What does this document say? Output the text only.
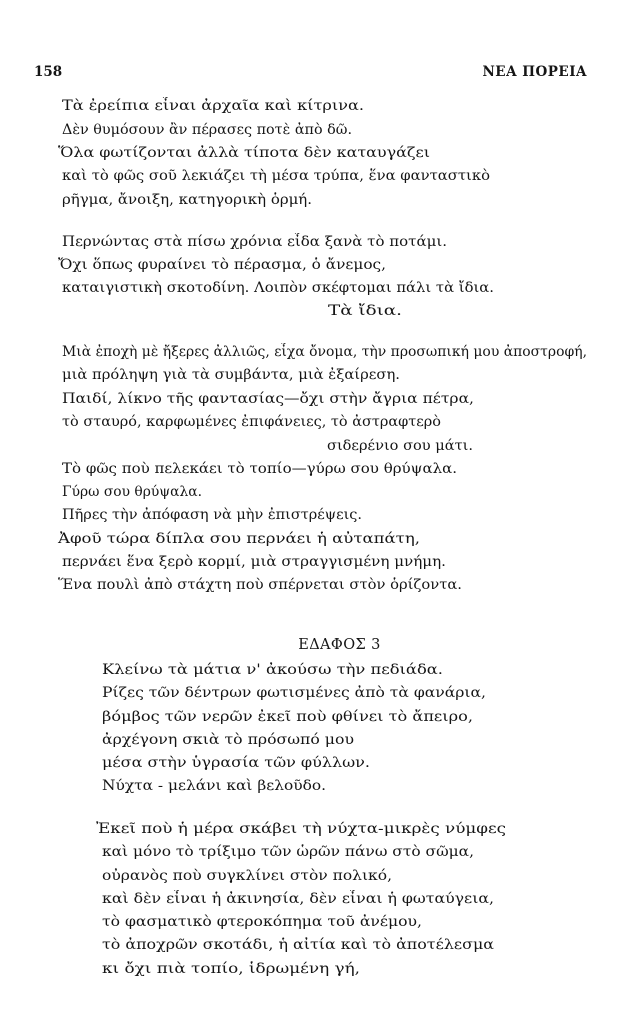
158	ΝΕΑ ΠΟΡΕΙΑ
Τὰ ἐρείπια εἶναι ἀρχαῖα καὶ κίτρινα.
Δὲν θυμόσουν ἂν πέρασες ποτὲ ἀπὸ δῶ.
Ὅλα φωτίζονται ἀλλὰ τίποτα δὲν καταυγάζει
καὶ τὸ φῶς σοῦ λεκιάζει τὴ μέσα τρύπα, ἕνα φανταστικὸ
ρῆγμα, ἄνοιξη, κατηγορικὴ ὁρμή.
Περνώντας στὰ πίσω χρόνια εἶδα ξανὰ τὸ ποτάμι.
Ὄχι ὅπως φυραίνει τὸ πέρασμα, ὁ ἄνεμος,
καταιγιστικὴ σκοτοδίνη. Λοιπὸν σκέφτομαι πάλι τὰ ἴδια.
Τὰ ἴδια.
Μιὰ ἐποχὴ μὲ ἤξερες ἀλλιῶς, εἶχα ὄνομα, τὴν προσωπική μου ἀποστροφή,
μιὰ πρόληψη γιὰ τὰ συμβάντα, μιὰ ἐξαίρεση.
Παιδί, λίκνο τῆς φαντασίας—ὄχι στὴν ἄγρια πέτρα,
τὸ σταυρό, καρφωμένες ἐπιφάνειες, τὸ ἀστραφτερὸ
σιδερένιο σου μάτι.
Τὸ φῶς ποὺ πελεκάει τὸ τοπίο—γύρω σου θρύψαλα.
Γύρω σου θρύψαλα.
Πῆρες τὴν ἀπόφαση νὰ μὴν ἐπιστρέψεις.
Ἀφοῦ τώρα δίπλα σου περνάει ἡ αὐταπάτη,
περνάει ἕνα ξερὸ κορμί, μιὰ στραγγισμένη μνήμη.
Ἕνα πουλὶ ἀπὸ στάχτη ποὺ σπέρνεται στὸν ὁρίζοντα.
ΕΔΑΦΟΣ 3
Κλείνω τὰ μάτια ν' ἀκούσω τὴν πεδιάδα.
Ρίζες τῶν δέντρων φωτισμένες ἀπὸ τὰ φανάρια,
βόμβος τῶν νερῶν ἐκεῖ ποὺ φθίνει τὸ ἄπειρο,
ἀρχέγονη σκιὰ τὸ πρόσωπό μου
μέσα στὴν ὑγρασία τῶν φύλλων.
Νύχτα - μελάνι καὶ βελοῦδο.
Ἐκεῖ ποὺ ἡ μέρα σκάβει τὴ νύχτα-μικρὲς νύμφες
καὶ μόνο τὸ τρίξιμο τῶν ὡρῶν πάνω στὸ σῶμα,
οὐρανὸς ποὺ συγκλίνει στὸν πολικό,
καὶ δὲν εἶναι ἡ ἀκινησία, δὲν εἶναι ἡ φωταύγεια,
τὸ φασματικὸ φτεροκόπημα τοῦ ἀνέμου,
τὸ ἀποχρῶν σκοτάδι, ἡ αἰτία καὶ τὸ ἀποτέλεσμα
κι ὄχι πιὰ τοπίο, ἱδρωμένη γή,
